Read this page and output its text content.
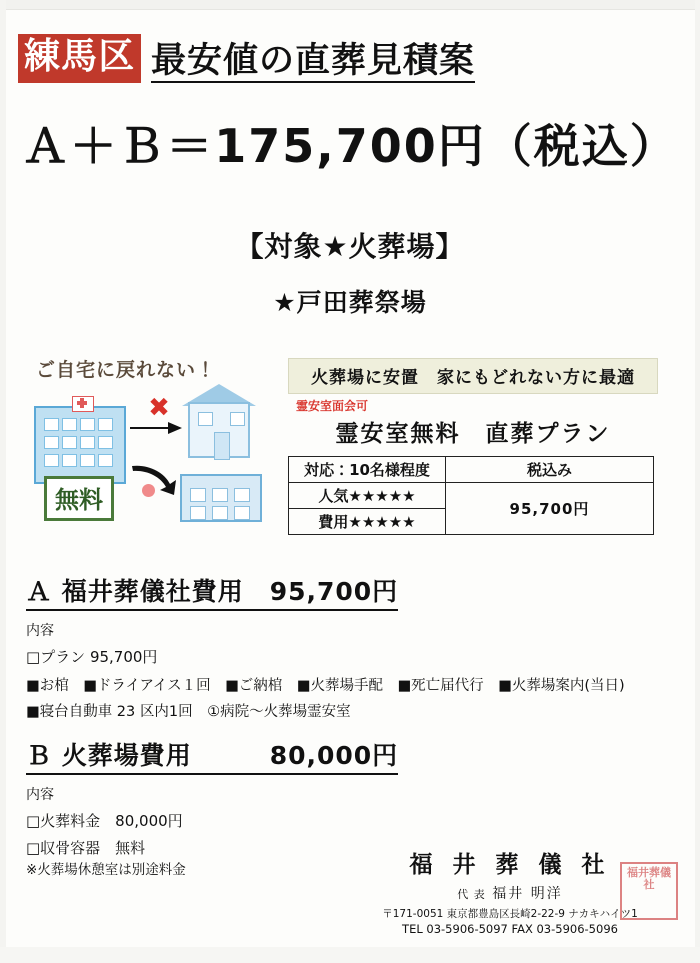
練馬区 最安値の直葬見積案
Ａ＋Ｂ＝175,700円（税込）
【対象★火葬場】
★戸田葬祭場
ご自宅に戻れない！
✖
無料
火葬場に安置　家にもどれない方に最適
霊安室面会可
霊安室無料　直葬プラン
対応：10名様程度	税込み
人気★★★★★	95,700円
費用★★★★★	
Ａ 福井葬儀社費用　95,700円
内容
□プラン 95,700円
■お棺　■ドライアイス１回　■ご納棺　■火葬場手配　■死亡届代行　■火葬場案内(当日)
■寝台自動車 23 区内1回　①病院～火葬場霊安室
Ｂ 火葬場費用　　　80,000円
内容
□火葬料金　80,000円
□収骨容器　無料
※火葬場休憩室は別途料金	福 井 葬 儀 社
代 表 福井 明洋
〒171-0051 東京都豊島区長崎2-22-9 ナカキハイツ1
TEL 03-5906-5097 FAX 03-5906-5096
福井葬儀社
